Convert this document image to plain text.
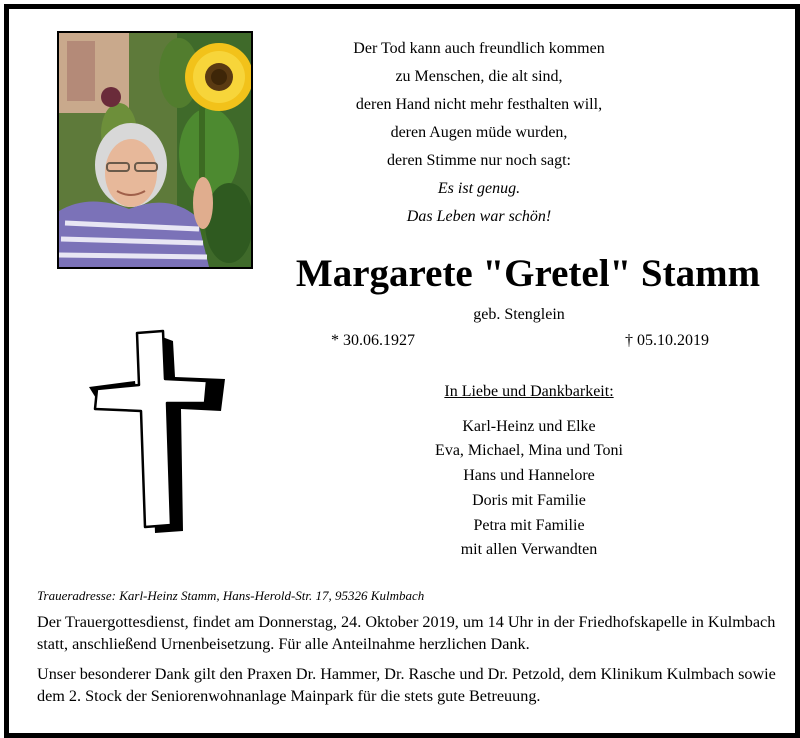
Der Tod kann auch freundlich kommen
zu Menschen, die alt sind,
deren Hand nicht mehr festhalten will,
deren Augen müde wurden,
deren Stimme nur noch sagt:
Es ist genug.
Das Leben war schön!
Margarete "Gretel" Stamm
geb. Stenglein
* 30.06.1927	† 05.10.2019
In Liebe und Dankbarkeit:
Karl-Heinz und Elke
Eva, Michael, Mina und Toni
Hans und Hannelore
Doris mit Familie
Petra mit Familie
mit allen Verwandten
Traueradresse: Karl-Heinz Stamm, Hans-Herold-Str. 17, 95326 Kulmbach
Der Trauergottesdienst, findet am Donnerstag, 24. Oktober 2019, um 14 Uhr in der Friedhofskapelle in Kulmbach statt, anschließend Urnenbeisetzung. Für alle Anteilnahme herzlichen Dank.
Unser besonderer Dank gilt den Praxen Dr. Hammer, Dr. Rasche und Dr. Petzold, dem Klinikum Kulmbach sowie dem 2. Stock der Seniorenwohnanlage Mainpark für die stets gute Betreuung.
